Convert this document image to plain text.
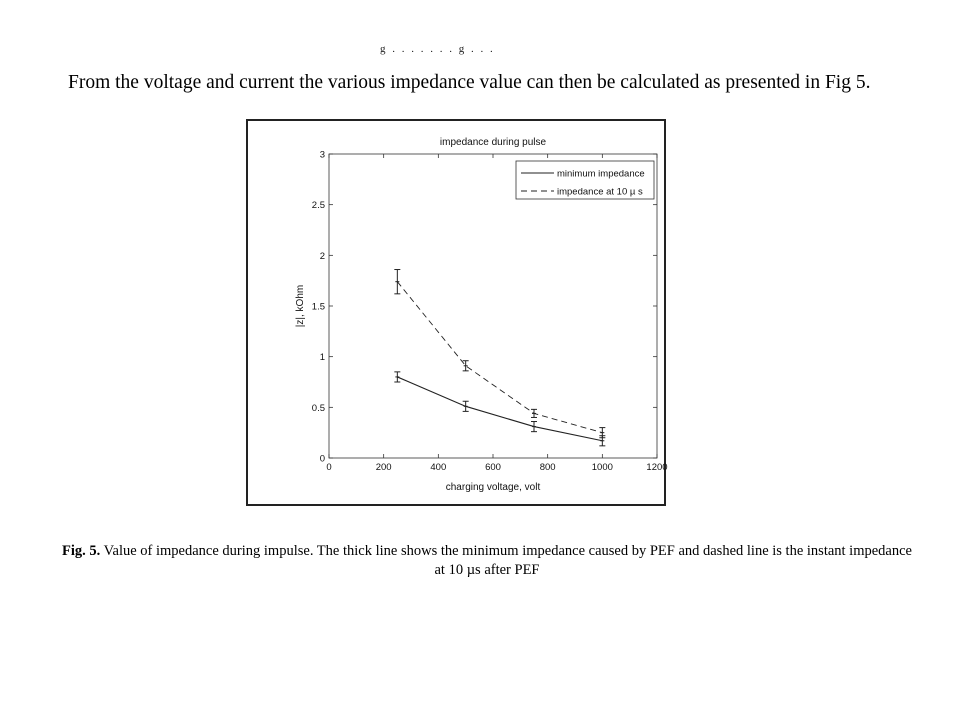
g . . . . . . . g . . .
From the voltage and current the various impedance value can then be calculated as presented in Fig 5.
0	200	400	600	800	1000	1200
0
0.5
1
1.5
2
2.5
3
minimum impedance
impedance at 10 µ s
impedance during pulse
charging voltage, volt
|z|, kOhm
Fig. 5. Value of impedance during impulse. The thick line shows the minimum impedance caused by PEF and dashed line is the instant impedance at 10 µs after PEF
